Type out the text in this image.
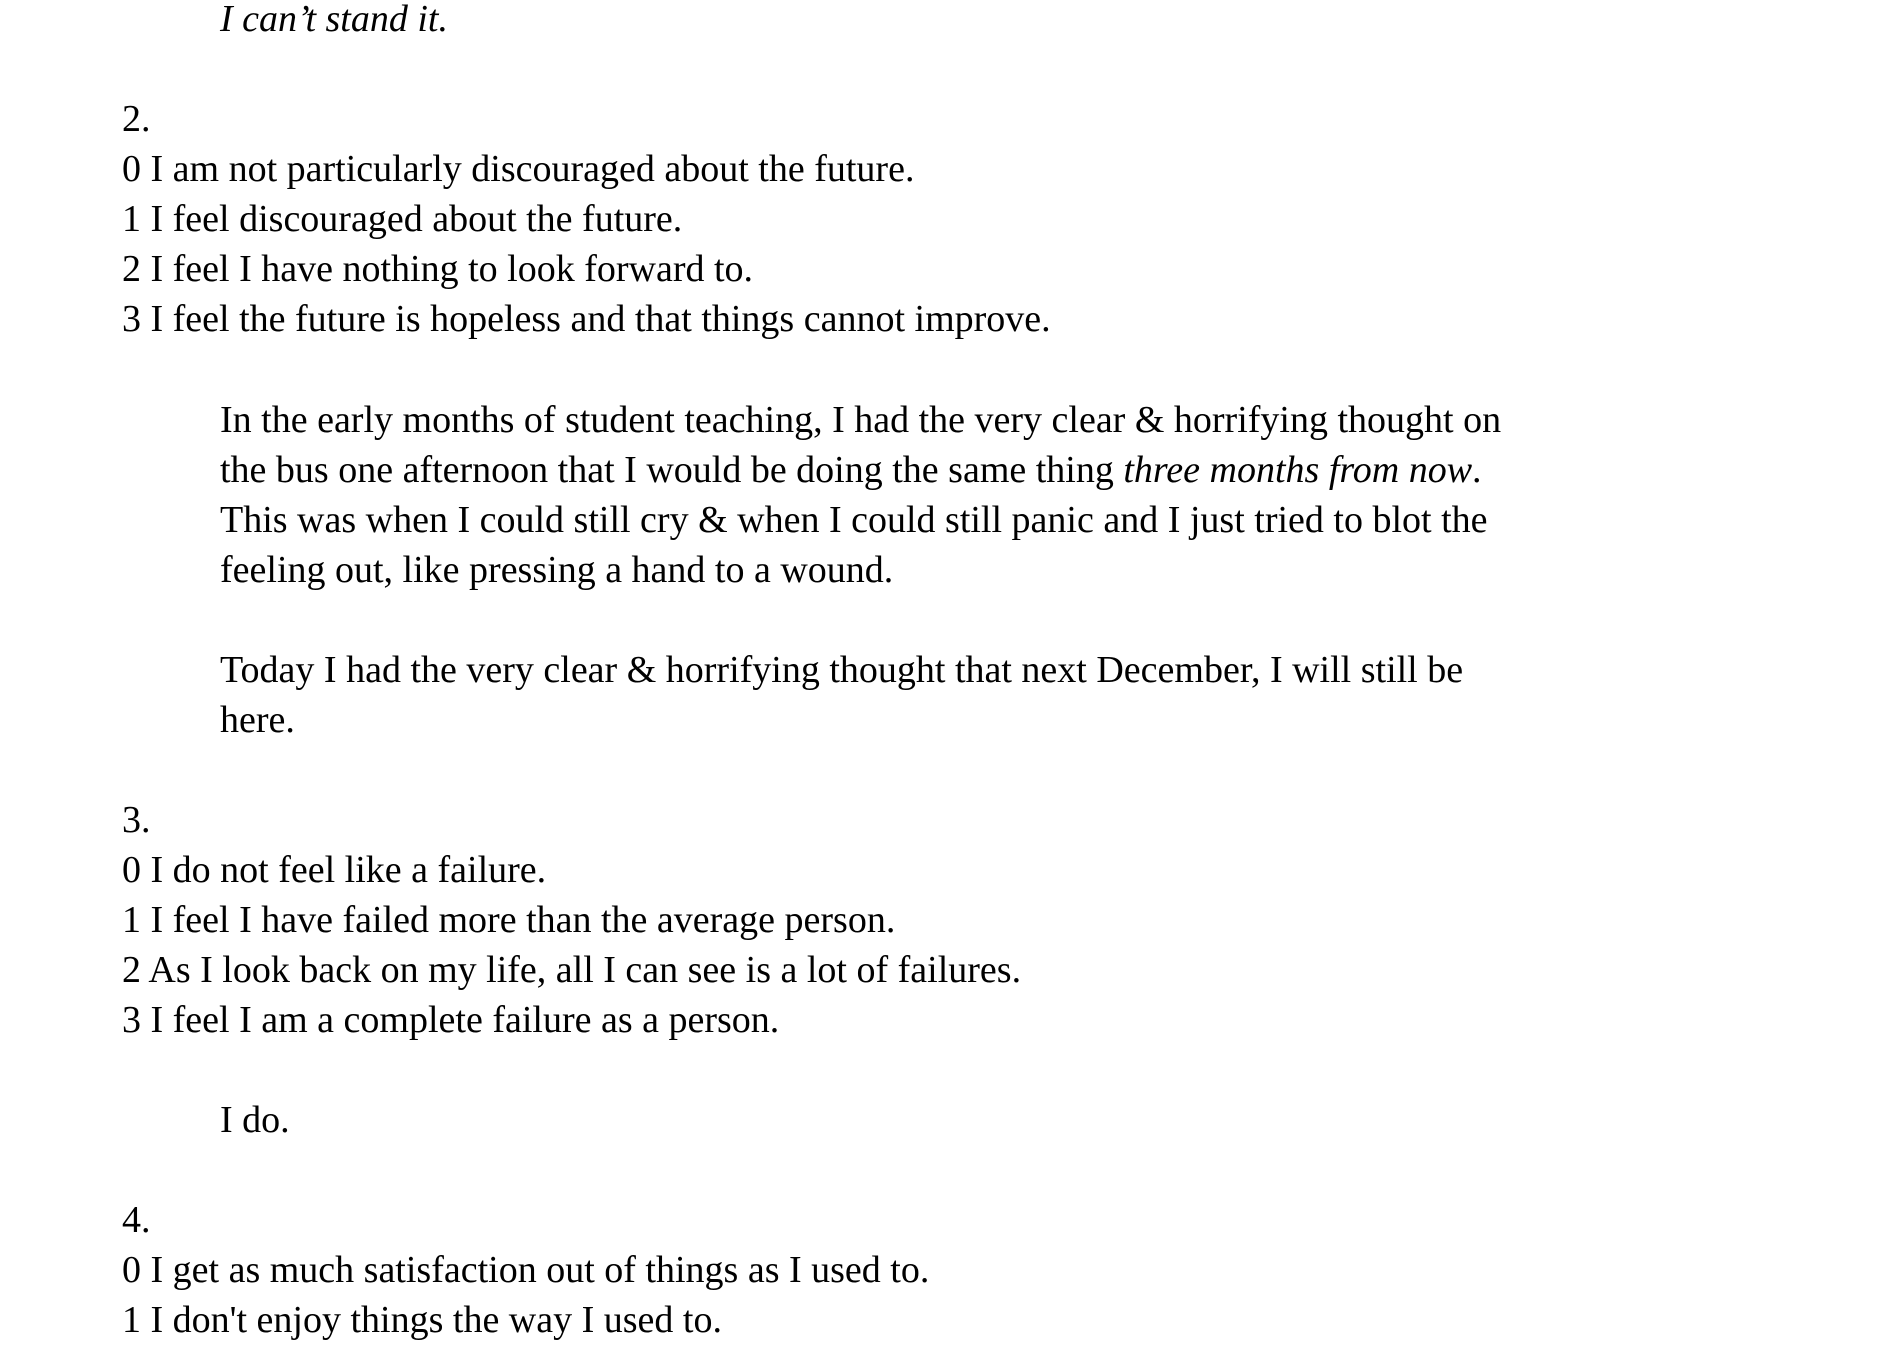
I can’t stand it.
2.
0 I am not particularly discouraged about the future.
1 I feel discouraged about the future.
2 I feel I have nothing to look forward to.
3 I feel the future is hopeless and that things cannot improve.
In the early months of student teaching, I had the very clear & horrifying thought on
the bus one afternoon that I would be doing the same thing three months from now.
This was when I could still cry & when I could still panic and I just tried to blot the
feeling out, like pressing a hand to a wound.
Today I had the very clear & horrifying thought that next December, I will still be
here.
3.
0 I do not feel like a failure.
1 I feel I have failed more than the average person.
2 As I look back on my life, all I can see is a lot of failures.
3 I feel I am a complete failure as a person.
I do.
4.
0 I get as much satisfaction out of things as I used to.
1 I don't enjoy things the way I used to.
